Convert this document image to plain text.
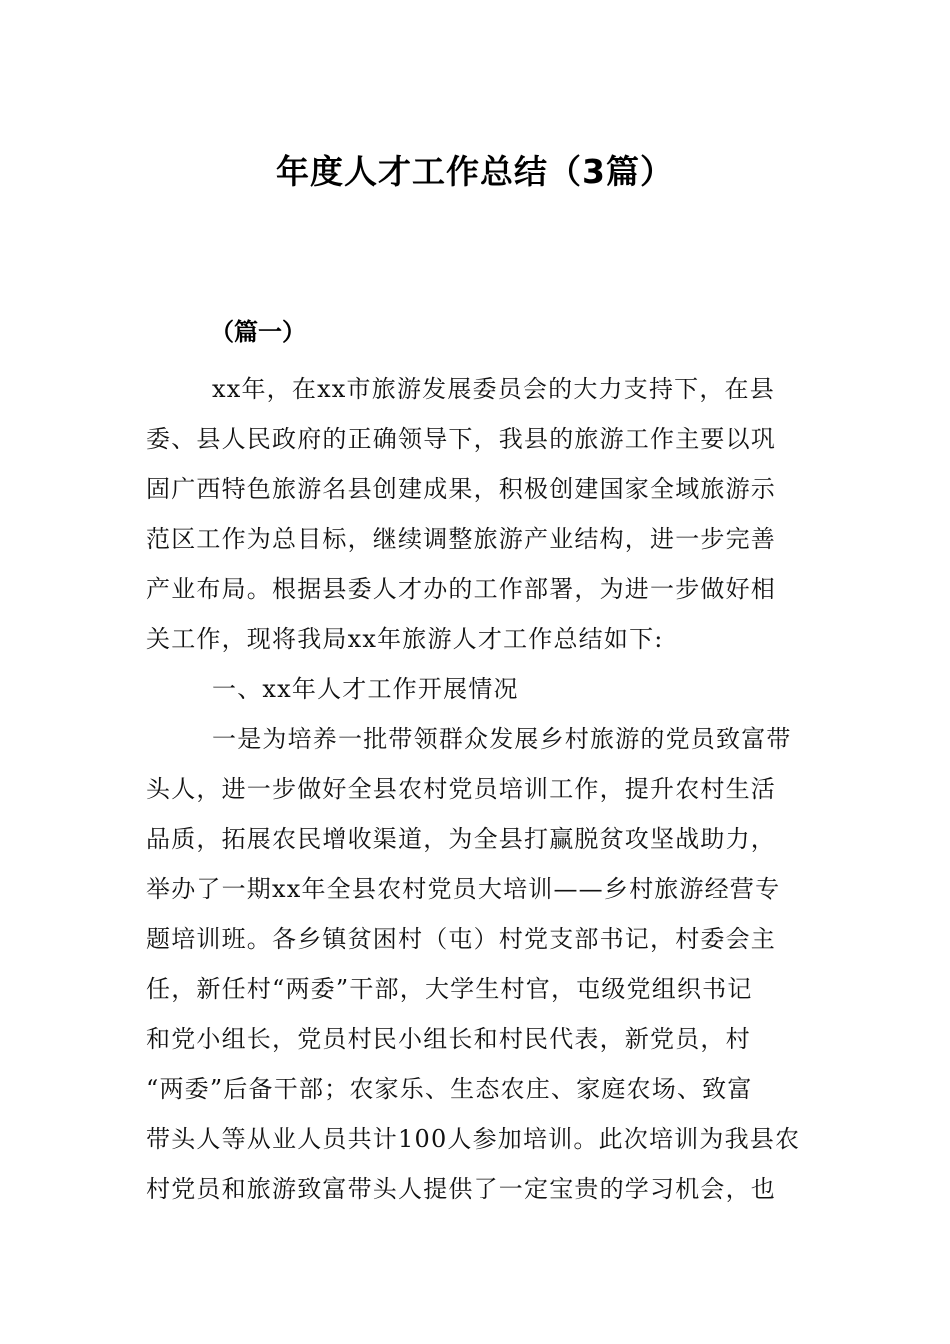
年度人才工作总结（3篇）
（篇一）
xx年，在xx市旅游发展委员会的大力支持下，在县
委、县人民政府的正确领导下，我县的旅游工作主要以巩
固广西特色旅游名县创建成果，积极创建国家全域旅游示
范区工作为总目标，继续调整旅游产业结构，进一步完善
产业布局。根据县委人才办的工作部署，为进一步做好相
关工作，现将我局xx年旅游人才工作总结如下:
一、xx年人才工作开展情况
一是为培养一批带领群众发展乡村旅游的党员致富带
头人，进一步做好全县农村党员培训工作，提升农村生活
品质，拓展农民增收渠道，为全县打赢脱贫攻坚战助力，
举办了一期xx年全县农村党员大培训——乡村旅游经营专
题培训班。各乡镇贫困村（屯）村党支部书记，村委会主
任，新任村“两委”干部，大学生村官，屯级党组织书记
和党小组长，党员村民小组长和村民代表，新党员，村
“两委”后备干部；农家乐、生态农庄、家庭农场、致富
带头人等从业人员共计100人参加培训。此次培训为我县农
村党员和旅游致富带头人提供了一定宝贵的学习机会，也
